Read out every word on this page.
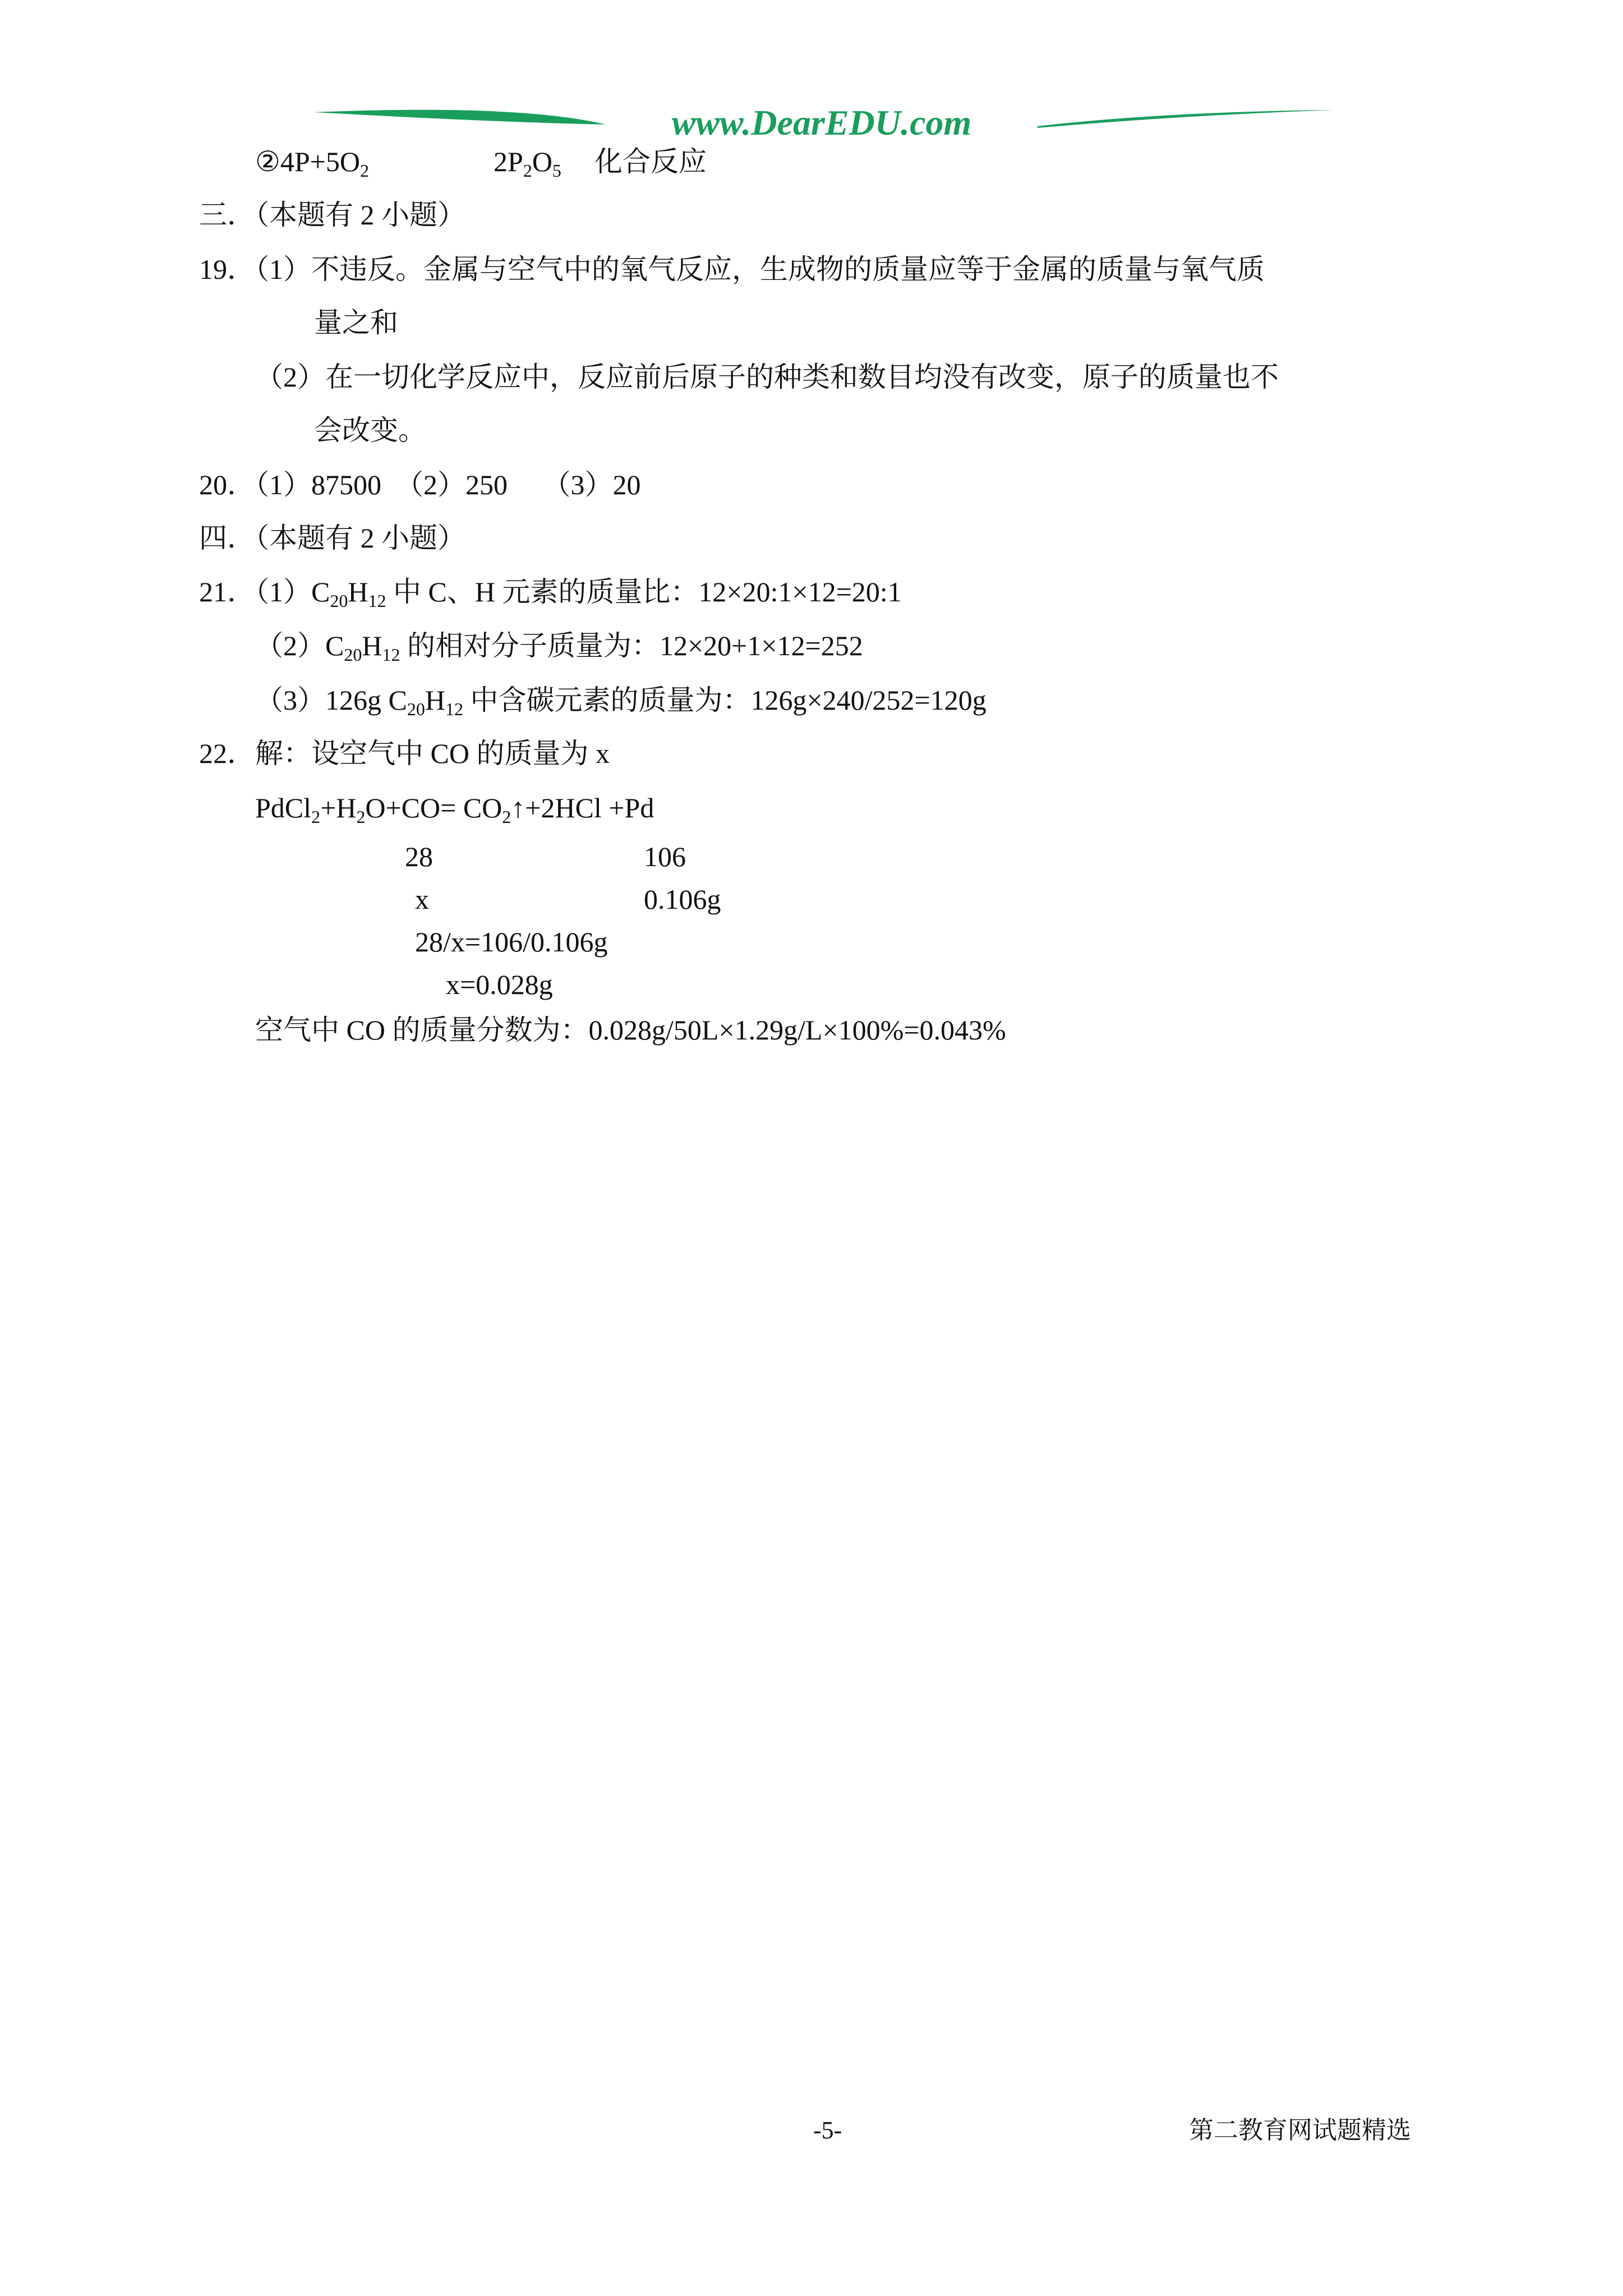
www.DearEDU.com
$②4P+5O_2$	$2P_2O_5$ 化合反应
三．（本题有 2 小题）
19．（1）不违反。金属与空气中的氧气反应，生成物的质量应等于金属的质量与氧气质
量之和
（2）在一切化学反应中，反应前后原子的种类和数目均没有改变，原子的质量也不
会改变。
20．（1）87500　（2）250　 （3）20
四．（本题有 2 小题）
21．$(1)C_{20}H_{12}$ 中 C、H 元素的质量比：12×20:1×12=20:1
$(2)C_{20}H_{12}$ 的相对分子质量为：12×20+1×12=252
（3）126g $C_{20}H_{12}$ 中含碳元素的质量为：126g×240/252=120g
22．解：设空气中 CO 的质量为 x
$PdCl_2+H_2O+CO=$ $CO_2↑+2HCl +Pd$
28	106
x	0.106g
28/x=106/0.106g
x=0.028g
空气中 CO 的质量分数为：0.028g/50L×1.29g/L×100%=0.043%
-5-	第二教育网试题精选
